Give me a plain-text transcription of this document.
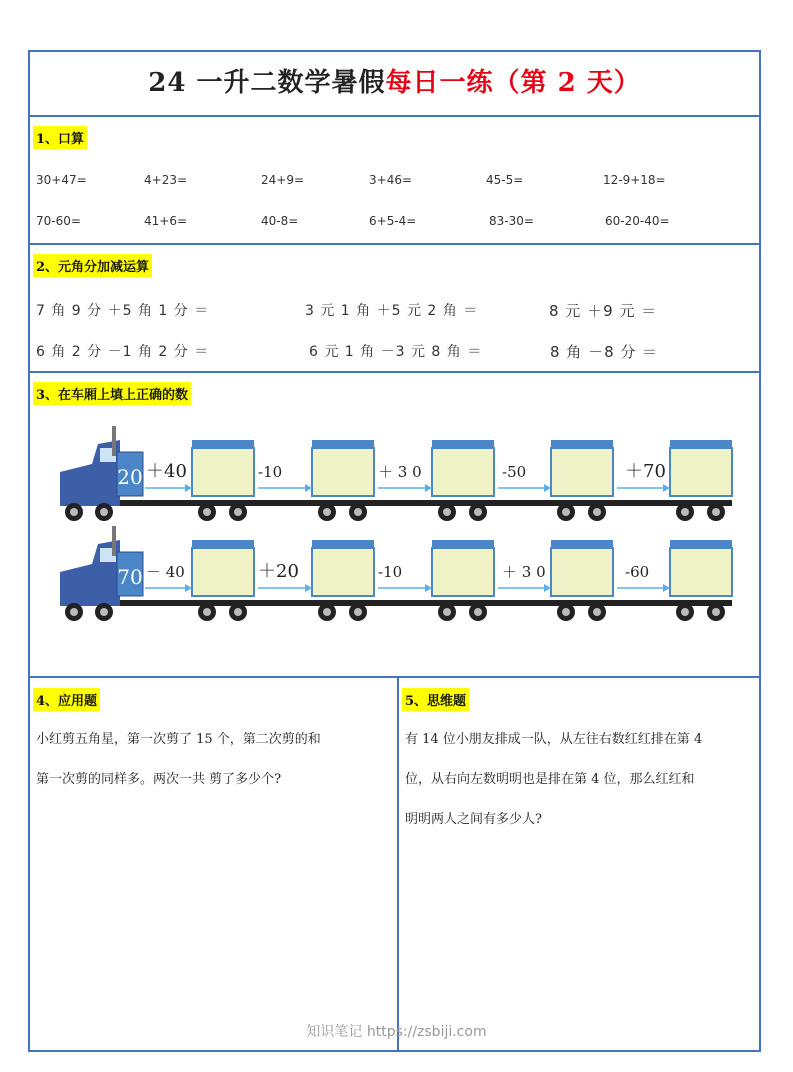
24 一升二数学暑假每日一练（第 2 天）
1、口算
30+47=	4+23=	24+9=	3+46=	45-5=	12-9+18=
70-60=	41+6=	40-8=	6+5-4=	83-30=	60-20-40=
2、元角分加减运算
7 角 9 分 ＋5 角 1 分 ＝	3 元 1 角 ＋5 元 2 角 ＝	8 元 ＋9 元 ＝
6 角 2 分 －1 角 2 分 ＝	6 元 1 角 －3 元 8 角 ＝	8 角 －8 分 ＝
3、在车厢上填上正确的数
20 ＋40	-10	＋ 3 0	-50	＋70
70 － 40	＋20	-10	＋ 3 0	-60
4、应用题
小红剪五角星，第一次剪了 15 个，第二次剪的和
第一次剪的同样多。两次一共 剪了多少个?
5、思维题
有 14 位小朋友排成一队，从左往右数红红排在第 4
位，从右向左数明明也是排在第 4 位，那么红红和
明明两人之间有多少人?
知识笔记 https://zsbiji.com
